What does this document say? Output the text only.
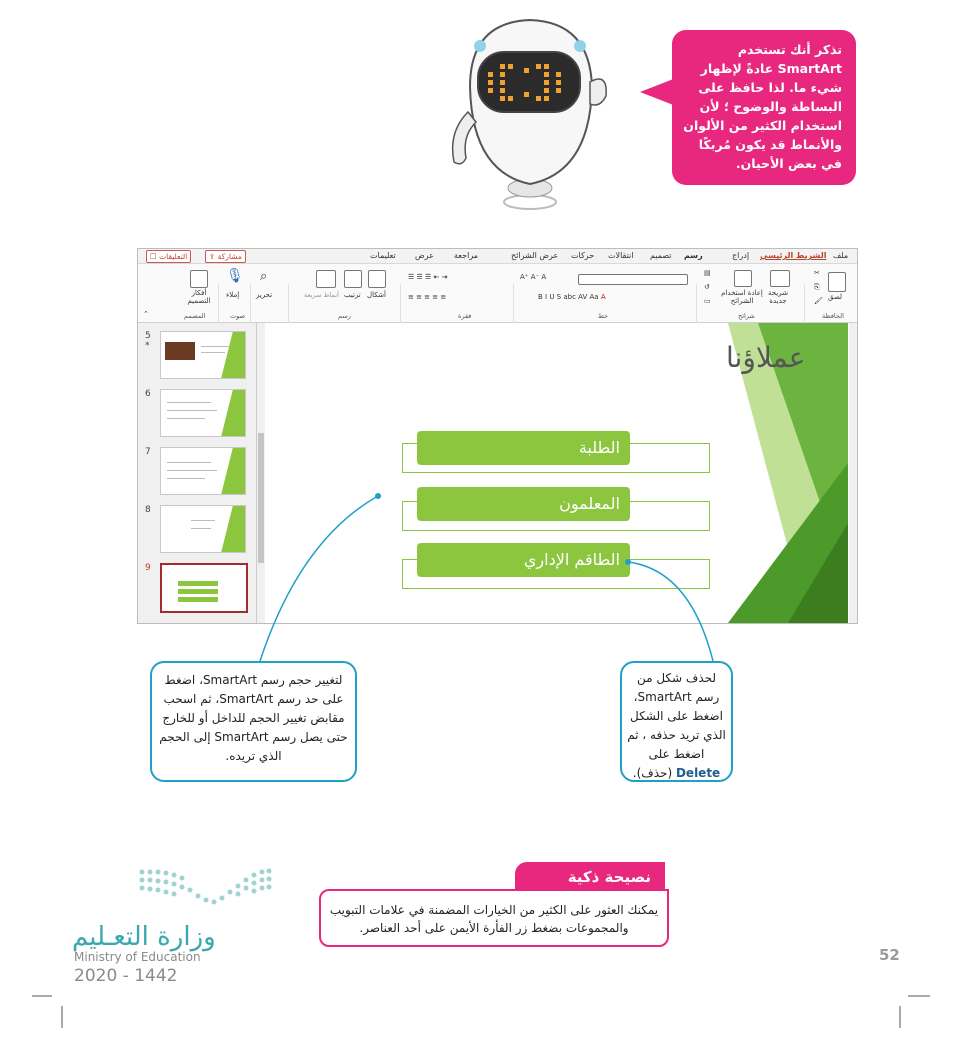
تذكر أنك تستخدم SmartArt عادةً لإظهار شيء ما. لذا حافظ على البساطة والوضوح ؛ لأن استخدام الكثير من الألوان والأنماط قد يكون مُربكًا في بعض الأحيان.
ملف
الشريط الرئيسي
إدراج
رسم
تصميم
انتقالات
حركات
عرض الشرائح
مراجعة
عرض
تعليمات
⇪ مشاركة
☐ التعليقات
لصق
✂
⎘
🖌
الحافظة
شريحة جديدة
إعادة استخدام الشرائح
▤
↺
▭
شرائح
B I U S abc AV Aa A
A⁺ A⁻ A
خط
☰ ☰ ☰ ⇤ ⇥
≡ ≡ ≡ ≡ ≡
فقرة
أشكال
ترتيب
أنماط سريعة
رسم
⌕
تحرير
🎙
إملاء
صوت
أفكار التصميم
المصمم
⌃
5
*
6
7
8
9
عملاؤنا
الطلبة
المعلمون
الطاقم الإداري
لتغيير حجم رسم SmartArt، اضغط على حد رسم SmartArt، ثم اسحب مقابض تغيير الحجم للداخل أو للخارج حتى يصل رسم SmartArt إلى الحجم الذي تريده.
لحذف شكل من رسم SmartArt، اضغط على الشكل الذي تريد حذفه ، ثم اضغط على Delete (حذف).
نصيحة ذكية
يمكنك العثور على الكثير من الخيارات المضمنة في علامات التبويب والمجموعات بضغط زر الفأرة الأيمن على أحد العناصر.
وزارة التعـليم
Ministry of Education
2020 - 1442
52
